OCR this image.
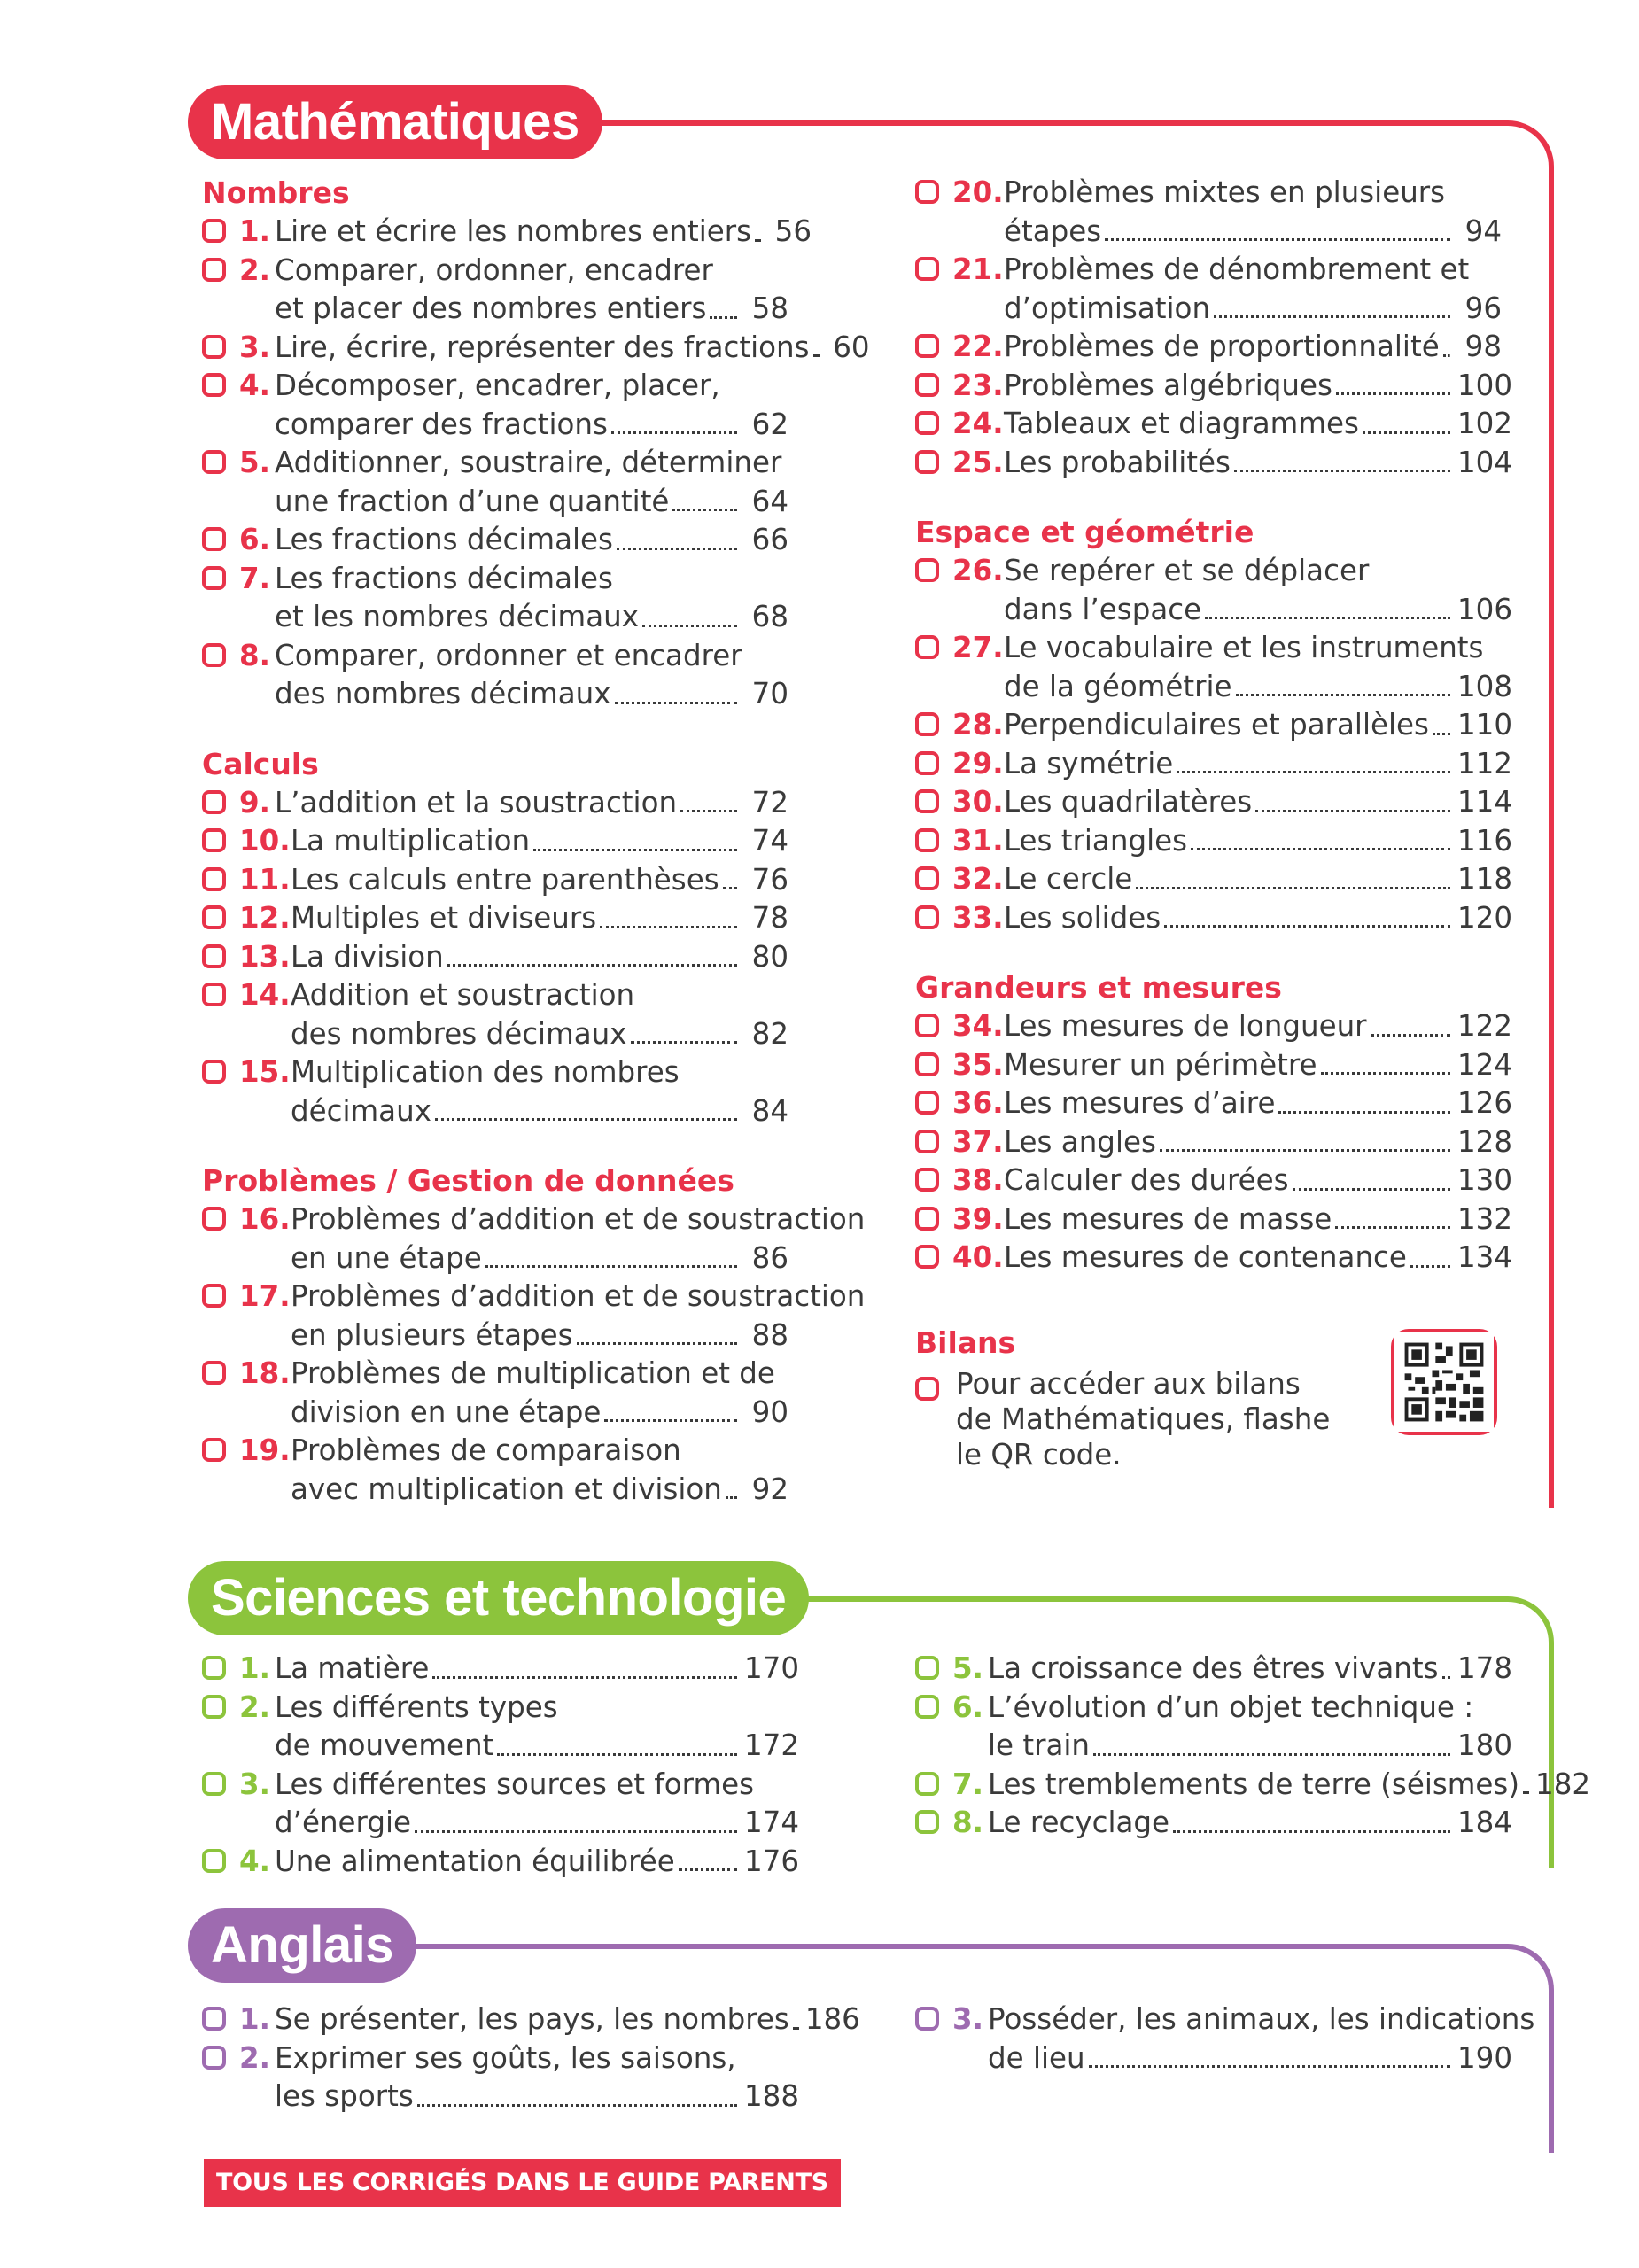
Mathématiques
Nombres
1. Lire et écrire les nombres entiers 56
2. Comparer, ordonner, encadrer
et placer des nombres entiers 58
3. Lire, écrire, représenter des fractions 60
4. Décomposer, encadrer, placer,
comparer des fractions	62
5. Additionner, soustraire, déterminer
une fraction d’une quantité	64
6. Les fractions décimales	66
7. Les fractions décimales
et les nombres décimaux	68
8. Comparer, ordonner et encadrer
des nombres décimaux	70
Calculs
9. L’addition et la soustraction	72
10. La multiplication	74
11. Les calculs entre parenthèses 76
12. Multiples et diviseurs	78
13. La division	80
14. Addition et soustraction
des nombres décimaux	82
15. Multiplication des nombres
décimaux	84
Problèmes / Gestion de données
16. Problèmes d’addition et de soustraction
en une étape	86
17. Problèmes d’addition et de soustraction
en plusieurs étapes	88
18. Problèmes de multiplication et de
division en une étape	90
19. Problèmes de comparaison
avec multiplication et division 92
20. Problèmes mixtes en plusieurs
étapes	94
21. Problèmes de dénombrement et
d’optimisation	96
22. Problèmes de proportionnalité 98
23. Problèmes algébriques	100
24. Tableaux et diagrammes	102
25. Les probabilités	104
Espace et géométrie
26. Se repérer et se déplacer
dans l’espace	106
27. Le vocabulaire et les instruments
de la géométrie	108
28. Perpendiculaires et parallèles 110
29. La symétrie	112
30. Les quadrilatères	114
31. Les triangles	116
32. Le cercle	118
33. Les solides	120
Grandeurs et mesures
34. Les mesures de longueur	122
35. Mesurer un périmètre	124
36. Les mesures d’aire	126
37. Les angles	128
38. Calculer des durées	130
39. Les mesures de masse	132
40. Les mesures de contenance 134
Bilans
Pour accéder aux bilans
de Mathématiques, flashe
le QR code.
Sciences et technologie
1. La matière	170
2. Les différents types
de mouvement	172
3. Les différentes sources et formes
d’énergie	174
4. Une alimentation équilibrée 176
5. La croissance des êtres vivants 178
6. L’évolution d’un objet technique :
le train	180
7. Les tremblements de terre (séismes) 182
8. Le recyclage	184
Anglais
1. Se présenter, les pays, les nombres 186
2. Exprimer ses goûts, les saisons,
les sports	188
3. Posséder, les animaux, les indications
de lieu	190
TOUS LES CORRIGÉS DANS LE GUIDE PARENTS
